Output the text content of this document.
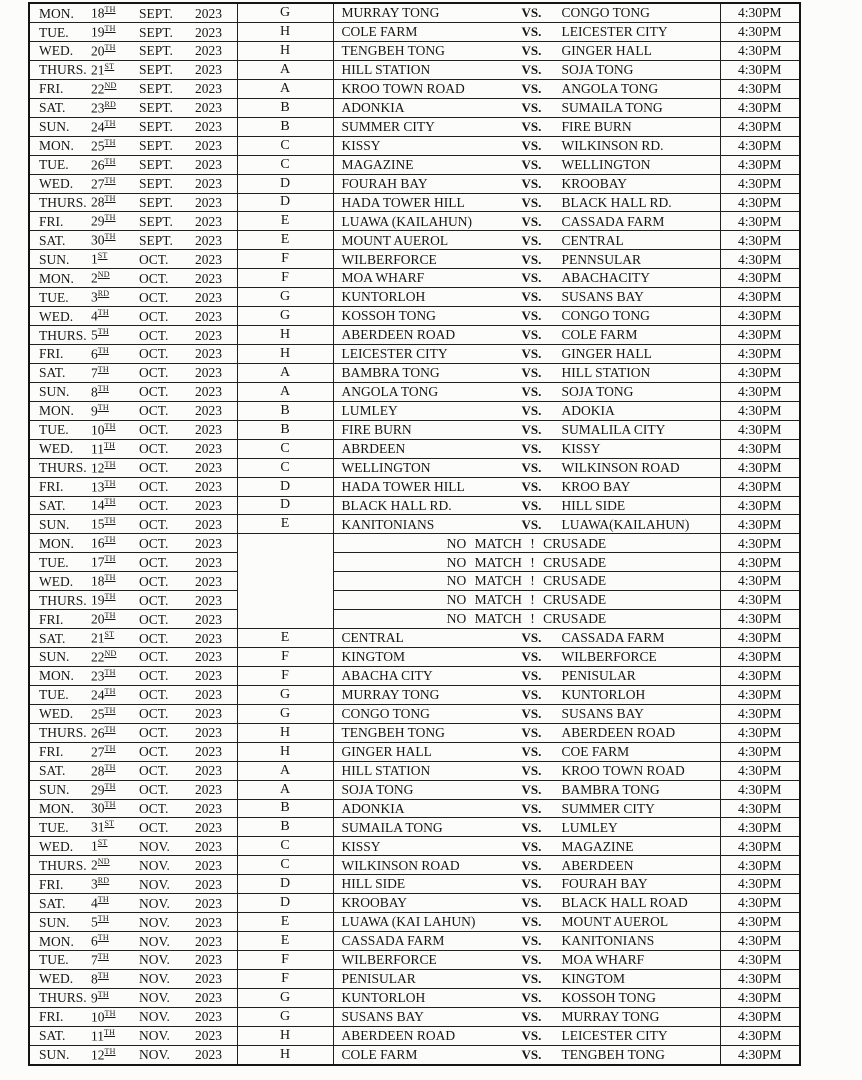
MON. 18TH SEPT. 2023	G	MURRAY TONG VS. CONGO TONG	4:30PM

TUE. 19TH SEPT. 2023	H	COLE FARM VS. LEICESTER CITY	4:30PM

WED. 20TH SEPT. 2023	H	TENGBEH TONG VS. GINGER HALL	4:30PM

THURS. 21ST SEPT. 2023	A	HILL STATION VS. SOJA TONG	4:30PM

FRI. 22ND SEPT. 2023	A	KROO TOWN ROAD VS. ANGOLA TONG	4:30PM

SAT. 23RD SEPT. 2023	B	ADONKIA VS. SUMAILA TONG	4:30PM

SUN. 24TH SEPT. 2023	B	SUMMER CITY VS. FIRE BURN	4:30PM

MON. 25TH SEPT. 2023	C	KISSY VS. WILKINSON RD.	4:30PM

TUE. 26TH SEPT. 2023	C	MAGAZINE VS. WELLINGTON	4:30PM

WED. 27TH SEPT. 2023	D	FOURAH BAY VS. KROOBAY	4:30PM

THURS. 28TH SEPT. 2023	D	HADA TOWER HILL VS. BLACK HALL RD.	4:30PM

FRI. 29TH SEPT. 2023	E	LUAWA (KAILAHUN) VS. CASSADA FARM	4:30PM

SAT. 30TH SEPT. 2023	E	MOUNT AUEROL VS. CENTRAL	4:30PM

SUN. 1ST OCT. 2023	F	WILBERFORCE VS. PENNSULAR	4:30PM

MON. 2ND OCT. 2023	F	MOA WHARF VS. ABACHACITY	4:30PM

TUE. 3RD OCT. 2023	G	KUNTORLOH VS. SUSANS BAY	4:30PM

WED. 4TH OCT. 2023	G	KOSSOH TONG VS. CONGO TONG	4:30PM

THURS. 5TH OCT. 2023	H	ABERDEEN ROAD VS. COLE FARM	4:30PM

FRI. 6TH OCT. 2023	H	LEICESTER CITY VS. GINGER HALL	4:30PM

SAT. 7TH OCT. 2023	A	BAMBRA TONG VS. HILL STATION	4:30PM

SUN. 8TH OCT. 2023	A	ANGOLA TONG VS. SOJA TONG	4:30PM

MON. 9TH OCT. 2023	B	LUMLEY VS. ADOKIA	4:30PM

TUE. 10TH OCT. 2023	B	FIRE BURN VS. SUMALILA CITY	4:30PM

WED. 11TH OCT. 2023	C	ABRDEEN VS. KISSY	4:30PM

THURS. 12TH OCT. 2023	C	WELLINGTON VS. WILKINSON ROAD	4:30PM

FRI. 13TH OCT. 2023	D	HADA TOWER HILL VS. KROO BAY	4:30PM

SAT. 14TH OCT. 2023	D	BLACK HALL RD. VS. HILL SIDE	4:30PM

SUN. 15TH OCT. 2023	E	KANITONIANS VS. LUAWA(KAILAHUN)	4:30PM

MON. 16TH OCT. 2023		NO MATCH ! CRUSADE	4:30PM

TUE. 17TH OCT. 2023		NO MATCH ! CRUSADE	4:30PM

WED. 18TH OCT. 2023		NO MATCH ! CRUSADE	4:30PM

THURS. 19TH OCT. 2023		NO MATCH ! CRUSADE	4:30PM

FRI. 20TH OCT. 2023		NO MATCH ! CRUSADE	4:30PM

SAT. 21ST OCT. 2023	E	CENTRAL VS. CASSADA FARM	4:30PM

SUN. 22ND OCT. 2023	F	KINGTOM VS. WILBERFORCE	4:30PM

MON. 23TH OCT. 2023	F	ABACHA CITY VS. PENISULAR	4:30PM

TUE. 24TH OCT. 2023	G	MURRAY TONG VS. KUNTORLOH	4:30PM

WED. 25TH OCT. 2023	G	CONGO TONG VS. SUSANS BAY	4:30PM

THURS. 26TH OCT. 2023	H	TENGBEH TONG VS. ABERDEEN ROAD	4:30PM

FRI. 27TH OCT. 2023	H	GINGER HALL VS. COE FARM	4:30PM

SAT. 28TH OCT. 2023	A	HILL STATION VS. KROO TOWN ROAD	4:30PM

SUN. 29TH OCT. 2023	A	SOJA TONG VS. BAMBRA TONG	4:30PM

MON. 30TH OCT. 2023	B	ADONKIA VS. SUMMER CITY	4:30PM

TUE. 31ST OCT. 2023	B	SUMAILA TONG VS. LUMLEY	4:30PM

WED. 1ST NOV. 2023	C	KISSY VS. MAGAZINE	4:30PM

THURS. 2ND NOV. 2023	C	WILKINSON ROAD VS. ABERDEEN	4:30PM

FRI. 3RD NOV. 2023	D	HILL SIDE VS. FOURAH BAY	4:30PM

SAT. 4TH NOV. 2023	D	KROOBAY VS. BLACK HALL ROAD	4:30PM

SUN. 5TH NOV. 2023	E	LUAWA (KAI LAHUN) VS. MOUNT AUEROL	4:30PM

MON. 6TH NOV. 2023	E	CASSADA FARM VS. KANITONIANS	4:30PM

TUE. 7TH NOV. 2023	F	WILBERFORCE VS. MOA WHARF	4:30PM

WED. 8TH NOV. 2023	F	PENISULAR VS. KINGTOM	4:30PM

THURS. 9TH NOV. 2023	G	KUNTORLOH VS. KOSSOH TONG	4:30PM

FRI. 10TH NOV. 2023	G	SUSANS BAY VS. MURRAY TONG	4:30PM

SAT. 11TH NOV. 2023	H	ABERDEEN ROAD VS. LEICESTER CITY	4:30PM

SUN. 12TH NOV. 2023	H	COLE FARM VS. TENGBEH TONG	4:30PM
